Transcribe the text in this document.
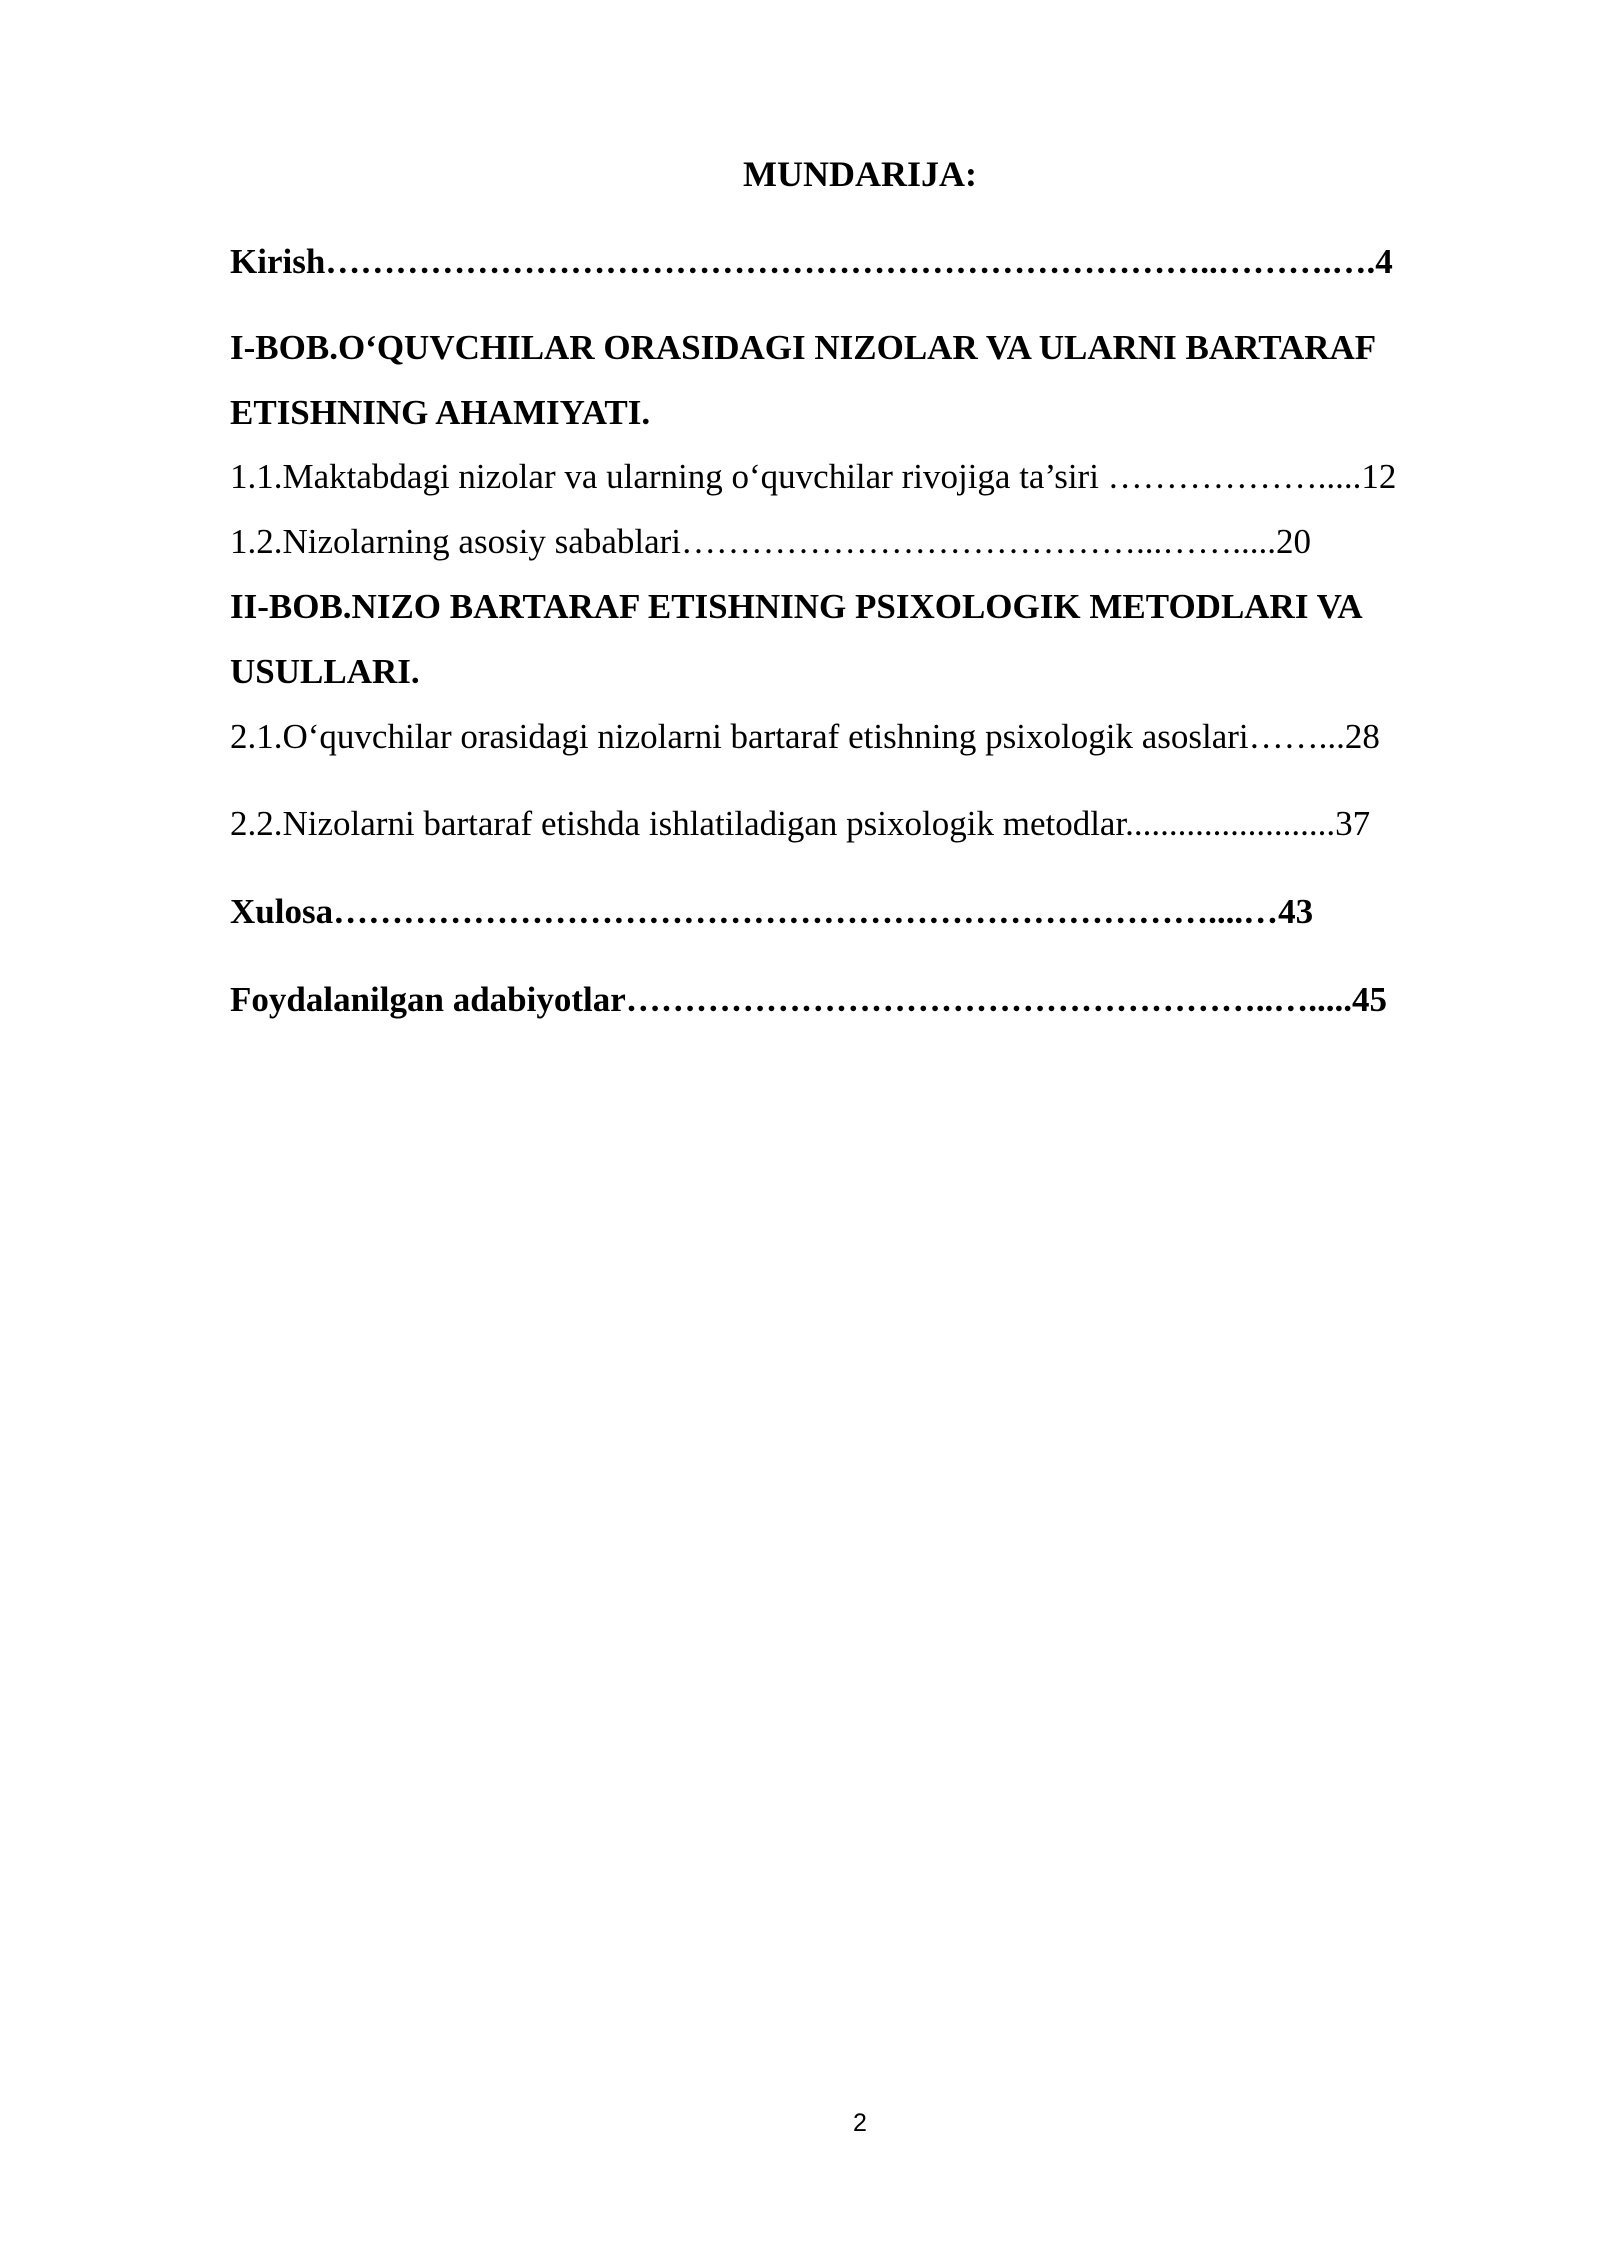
MUNDARIJA:
Kirish…………………………………………………………………..……….….4
I-BOB.O‘QUVCHILAR ORASIDAGI NIZOLAR VA ULARNI BARTARAF
ETISHNING AHAMIYATI.
1.1.Maktabdagi nizolar va ularning o‘quvchilar rivojiga ta’siri ……………….....12
1.2.Nizolarning asosiy sabablari…………………………………...…….....20
II-BOB.NIZO BARTARAF ETISHNING PSIXOLOGIK METODLARI VA
USULLARI.
2.1.O‘quvchilar orasidagi nizolarni bartaraf etishning psixologik asoslari……...28
2.2.Nizolarni bartaraf etishda ishlatiladigan psixologik metodlar........................37
Xulosa…………………………………………………………………....…43
Foydalanilgan adabiyotlar………………………………………………..….....45
2
